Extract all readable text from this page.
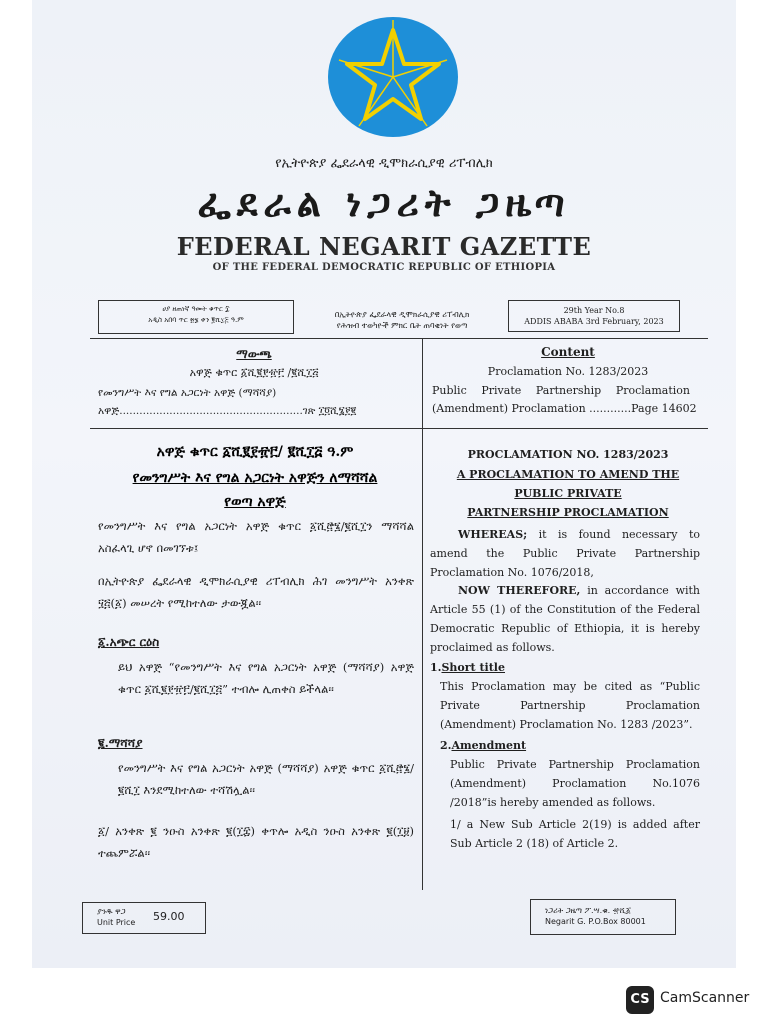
የኢትዮጵያ ፌደራላዊ ዲሞክራሲያዊ ሪፐብሊክ
ፌደራል ነጋሪት ጋዜጣ
FEDERAL NEGARIT GAZETTE
OF THE FEDERAL DEMOCRATIC REPUBLIC OF ETHIOPIA
ሀያ ዘጠነኛ ዓመት ቁጥር ፰
አዲስ አበባ ጥር ፳፮ ቀን ፪ሺ፲፭ ዓ.ም
በኢትዮጵያ ፌደራላዊ ዲሞክራሲያዊ ሪፐብሊክ
የሕዝብ ተወካዮች ምክር ቤት ጠባቂነት የወጣ
29th Year No.8
ADDIS ABABA 3rd February, 2023
ማውጫ
አዋጅ ቁጥር ፩ሺ፪፻፹፫ /፪ሺ፲፭
የመንግሥት እና የግል አጋርነት አዋጅ (ማሻሻያ)
አዋጅ.......................................................ገጽ ፲፬ሺ፮፻፪
Content
Proclamation No. 1283/2023
Public Private Partnership Proclamation
(Amendment) Proclamation ............Page 14602
አዋጅ ቁጥር ፩ሺ፪፻፹፫/ ፪ሺ፲፭ ዓ.ም
የመንግሥት እና የግል አጋርነት አዋጅን ለማሻሻል
የወጣ አዋጅ
የመንግሥት እና የግል አጋርነት አዋጅ ቁጥር ፩ሺ፸፮/፪ሺ፲ን ማሻሻል አስፈላጊ ሆኖ በመገኘቱ፤
በኢትዮጵያ ፌደራላዊ ዲሞክራሲያዊ ሪፐብሊክ ሕገ መንግሥት አንቀጽ ፶፭(፩) መሠረት የሚከተለው ታውጇል፡፡
፩.አጭር ርዕስ
ይህ አዋጅ “የመንግሥት እና የግል አጋርነት አዋጅ (ማሻሻያ) አዋጅ ቁጥር ፩ሺ፪፻፹፫/፪ሺ፲፭” ተብሎ ሊጠቀስ ይችላል፡፡
፪.ማሻሻያ
የመንግሥት እና የግል አጋርነት አዋጅ (ማሻሻያ) አዋጅ ቁጥር ፩ሺ፸፮/፪ሺ፲ እንደሚከተለው ተሻሽሏል፡፡
፩/ አንቀጽ ፪ ንዑስ አንቀጽ ፪(፲፰) ቀጥሎ አዲስ ንዑስ አንቀጽ ፪(፲፱) ተጨምሯል፡፡
PROCLAMATION NO. 1283/2023
A PROCLAMATION TO AMEND THE
PUBLIC PRIVATE
PARTNERSHIP PROCLAMATION
WHEREAS; it is found necessary to amend the Public Private Partnership Proclamation No. 1076/2018,
NOW THEREFORE, in accordance with Article 55 (1) of the Constitution of the Federal Democratic Republic of Ethiopia, it is hereby proclaimed as follows.
1.Short title
This Proclamation may be cited as “Public Private Partnership Proclamation (Amendment) Proclamation No. 1283 /2023”.
2.Amendment
Public Private Partnership Proclamation (Amendment) Proclamation No.1076 /2018”is hereby amended as follows.
1/ a New Sub Article 2(19) is added after Sub Article 2 (18) of Article 2.
ያንዱ ዋጋ
Unit Price 59.00	ነጋሪት ጋዜጣ ፖ.ሣ.ቁ. ፹ሺ፩
Negarit G. P.O.Box 80001
CS CamScanner
